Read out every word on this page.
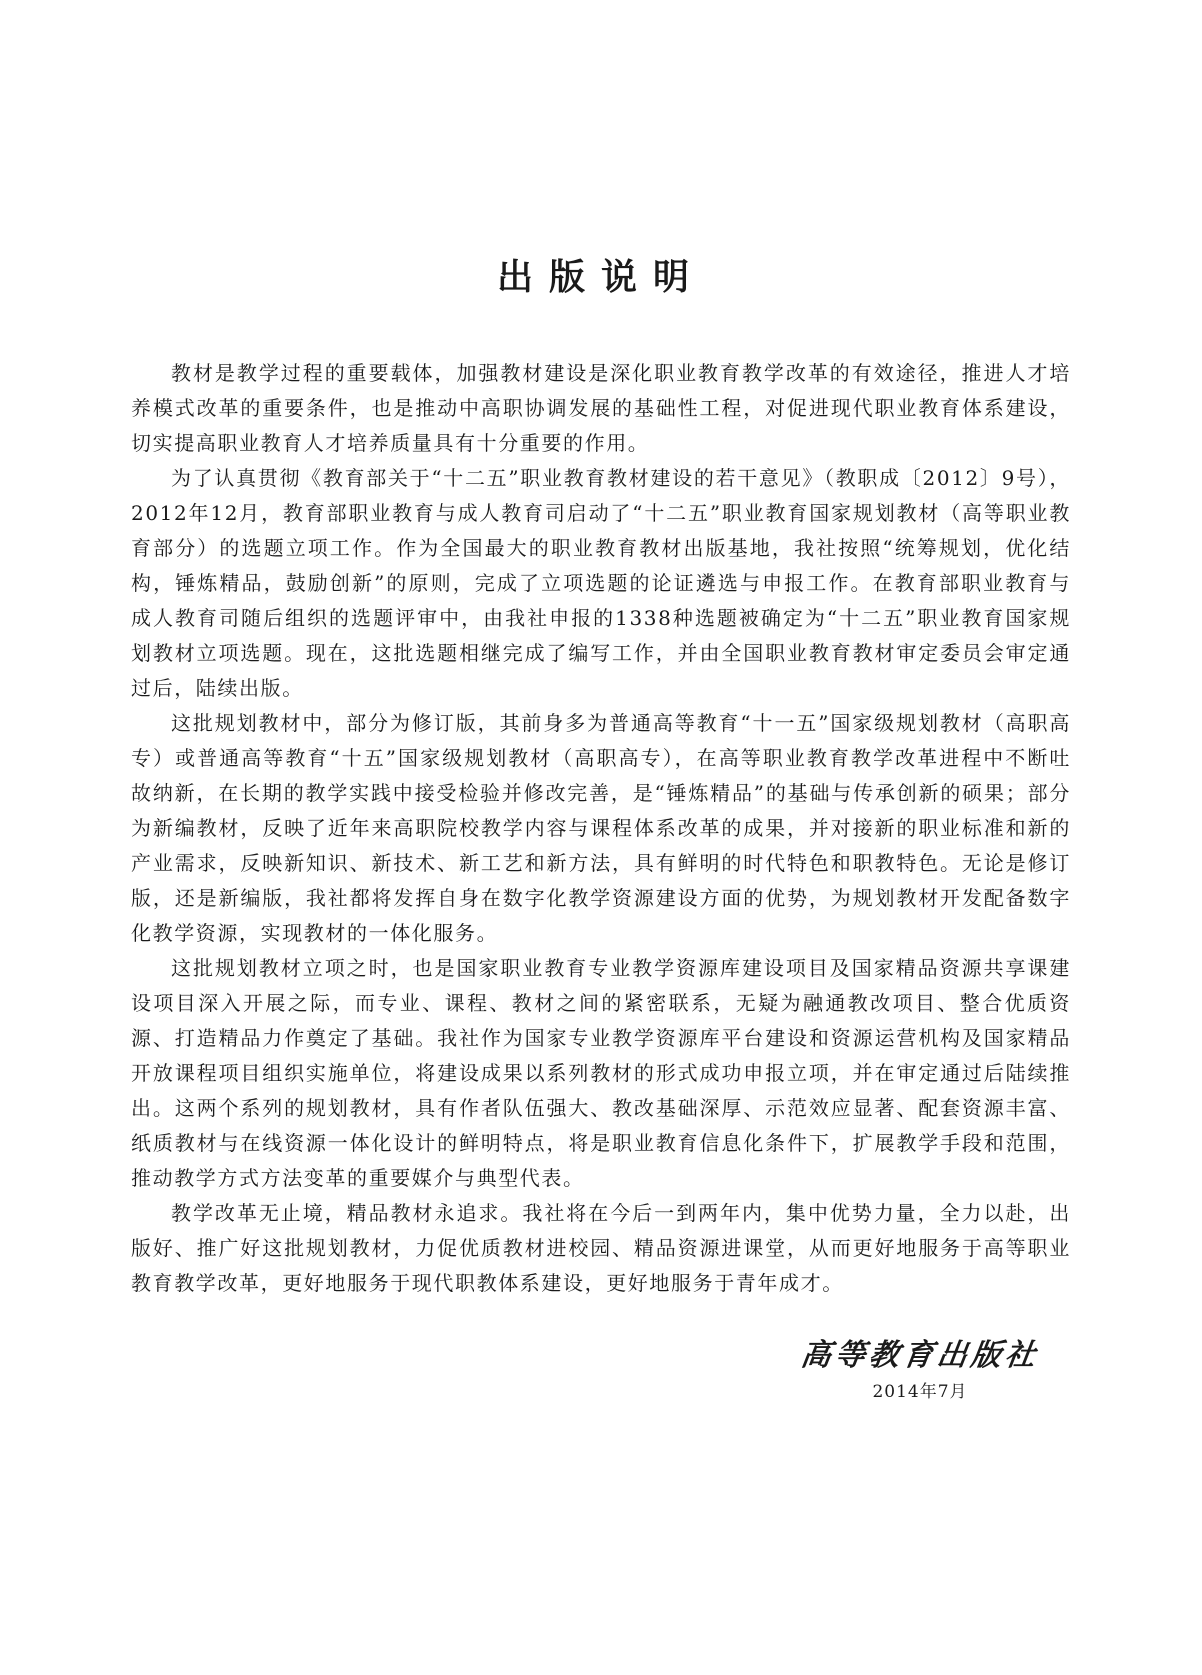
出版说明

教材是教学过程的重要载体，加强教材建设是深化职业教育教学改革的有效途径，推进人才培养模式改革的重要条件，也是推动中高职协调发展的基础性工程，对促进现代职业教育体系建设，切实提高职业教育人才培养质量具有十分重要的作用。

为了认真贯彻《教育部关于“十二五”职业教育教材建设的若干意见》（教职成〔2012〕9号），2012年12月，教育部职业教育与成人教育司启动了“十二五”职业教育国家规划教材（高等职业教育部分）的选题立项工作。作为全国最大的职业教育教材出版基地，我社按照“统筹规划，优化结构，锤炼精品，鼓励创新”的原则，完成了立项选题的论证遴选与申报工作。在教育部职业教育与成人教育司随后组织的选题评审中，由我社申报的1338种选题被确定为“十二五”职业教育国家规划教材立项选题。现在，这批选题相继完成了编写工作，并由全国职业教育教材审定委员会审定通过后，陆续出版。

这批规划教材中，部分为修订版，其前身多为普通高等教育“十一五”国家级规划教材（高职高专）或普通高等教育“十五”国家级规划教材（高职高专），在高等职业教育教学改革进程中不断吐故纳新，在长期的教学实践中接受检验并修改完善，是“锤炼精品”的基础与传承创新的硕果；部分为新编教材，反映了近年来高职院校教学内容与课程体系改革的成果，并对接新的职业标准和新的产业需求，反映新知识、新技术、新工艺和新方法，具有鲜明的时代特色和职教特色。无论是修订版，还是新编版，我社都将发挥自身在数字化教学资源建设方面的优势，为规划教材开发配备数字化教学资源，实现教材的一体化服务。

这批规划教材立项之时，也是国家职业教育专业教学资源库建设项目及国家精品资源共享课建设项目深入开展之际，而专业、课程、教材之间的紧密联系，无疑为融通教改项目、整合优质资源、打造精品力作奠定了基础。我社作为国家专业教学资源库平台建设和资源运营机构及国家精品开放课程项目组织实施单位，将建设成果以系列教材的形式成功申报立项，并在审定通过后陆续推出。这两个系列的规划教材，具有作者队伍强大、教改基础深厚、示范效应显著、配套资源丰富、纸质教材与在线资源一体化设计的鲜明特点，将是职业教育信息化条件下，扩展教学手段和范围，推动教学方式方法变革的重要媒介与典型代表。

教学改革无止境，精品教材永追求。我社将在今后一到两年内，集中优势力量，全力以赴，出版好、推广好这批规划教材，力促优质教材进校园、精品资源进课堂，从而更好地服务于高等职业教育教学改革，更好地服务于现代职教体系建设，更好地服务于青年成才。

高等教育出版社
2014年7月
